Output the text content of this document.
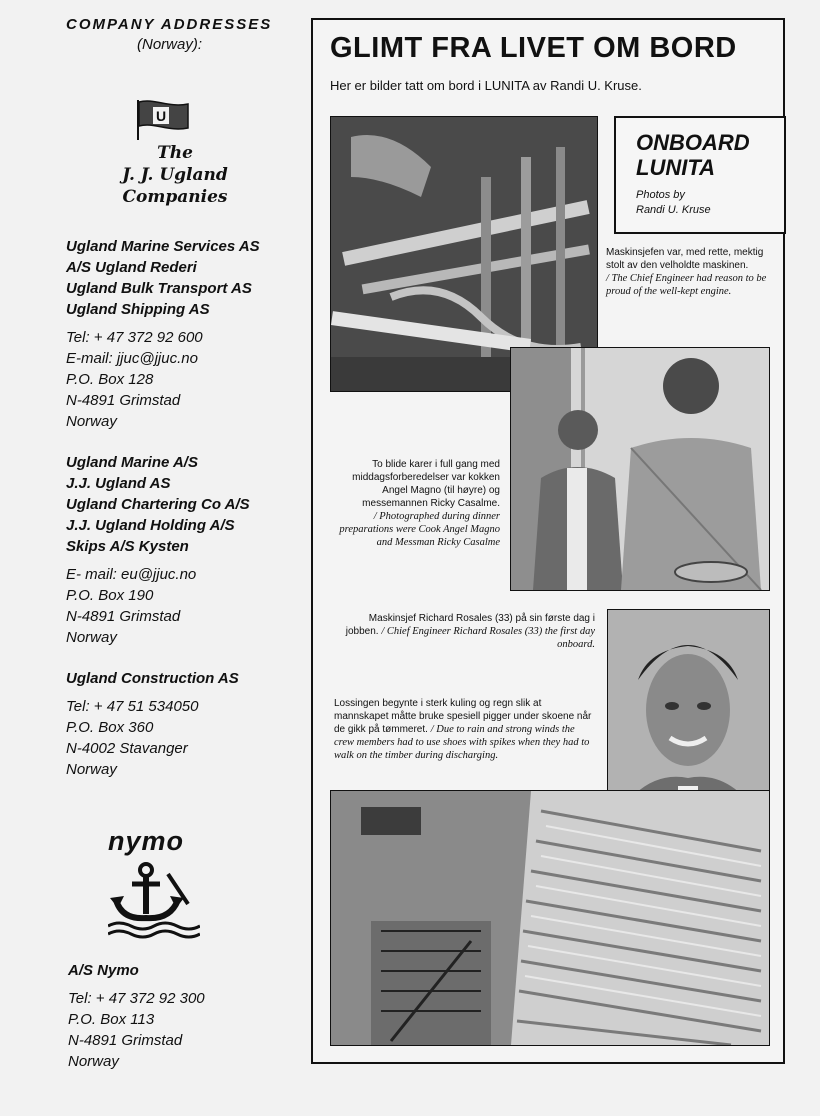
COMPANY ADDRESSES
(Norway):
U
The
J. J. Ugland
Companies
Ugland Marine Services AS
A/S Ugland Rederi
Ugland Bulk Transport AS
Ugland Shipping AS
Tel: + 47 372 92 600
E-mail: jjuc@jjuc.no
P.O. Box 128
N-4891 Grimstad
Norway
Ugland Marine A/S
J.J. Ugland AS
Ugland Chartering Co A/S
J.J. Ugland Holding A/S
Skips A/S Kysten
E- mail: eu@jjuc.no
P.O. Box 190
N-4891 Grimstad
Norway
Ugland Construction AS
Tel: + 47 51 534050
P.O. Box 360
N-4002 Stavanger
Norway
nymo
A/S Nymo
Tel: + 47 372 92 300
P.O. Box 113
N-4891 Grimstad
Norway
GLIMT FRA LIVET OM BORD
Her er bilder tatt om bord i LUNITA av Randi U. Kruse.
ONBOARD
LUNITA
Photos by
Randi U. Kruse
Maskinsjefen var, med rette, mektig stolt av den velholdte maskinen.
/ The Chief Engineer had reason to be proud of the well-kept engine.
To blide karer i full gang med middagsforberedelser var kokken Angel Magno (til høyre) og messemannen Ricky Casalme.
/ Photographed during dinner preparations were Cook Angel Magno and Messman Ricky Casalme
Maskinsjef Richard Rosales (33) på sin første dag i jobben. / Chief Engineer Richard Rosales (33) the first day onboard.
Lossingen begynte i sterk kuling og regn slik at mannskapet måtte bruke spesiell pigger under skoene når de gikk på tømmeret. / Due to rain and strong winds the crew members had to use shoes with spikes when they had to walk on the timber during discharging.
